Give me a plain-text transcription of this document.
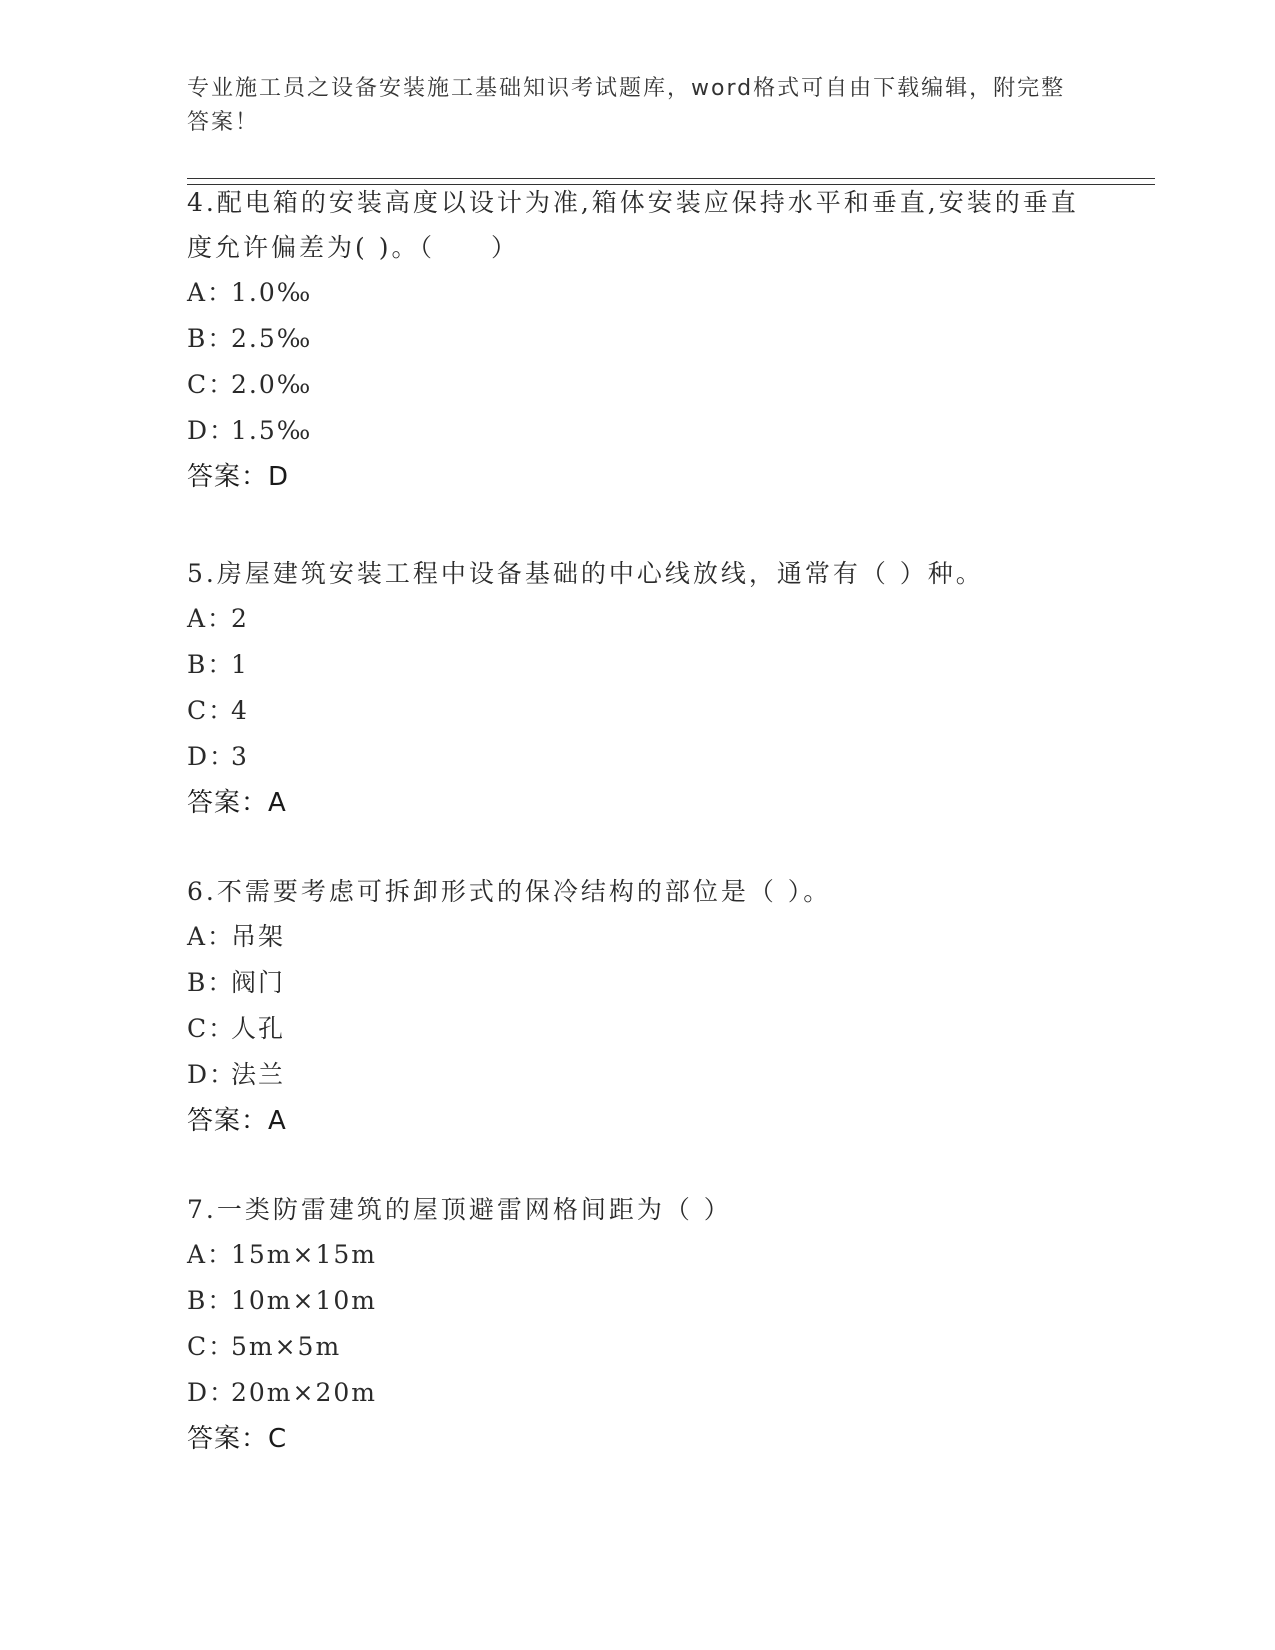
专业施工员之设备安装施工基础知识考试题库，word格式可自由下载编辑，附完整答案！

4.配电箱的安装高度以设计为准,箱体安装应保持水平和垂直,安装的垂直度允许偏差为( )。（　　）

A：1.0‰
B：2.5‰
C：2.0‰
D：1.5‰
答案：D

5.房屋建筑安装工程中设备基础的中心线放线，通常有（ ）种。

A：2
B：1
C：4
D：3
答案：A

6.不需要考虑可拆卸形式的保冷结构的部位是（ ）。

A：吊架
B：阀门
C：人孔
D：法兰
答案：A

7.一类防雷建筑的屋顶避雷网格间距为（ ）

A：15m×15m
B：10m×10m
C：5m×5m
D：20m×20m
答案：C
